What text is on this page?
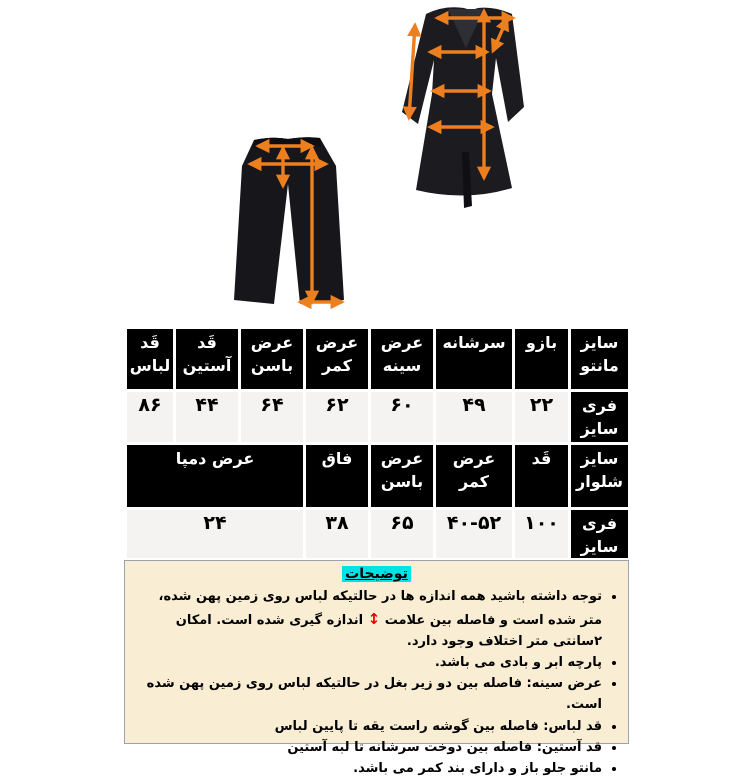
سایز مانتو
بازو
سرشانه
عرض سینه
عرض کمر
عرض باسن
قَد آستین
قَد لباس
فری سایز
۲۲
۴۹
۶۰
۶۲
۶۴
۴۴
۸۶
سایز شلوار
قَد
عرض کمر
عرض باسن
فاق
عرض دمپا
فری سایز
۱۰۰
۴۰-۵۲
۶۵
۳۸
۲۴
توضیحات
• توجه داشته باشید همه اندازه ها در حالتیکه لباس روی زمین پهن شده، متر شده است و فاصله بین علامت ↕ اندازه گیری شده است. امکان ۲سانتی متر اختلاف وجود دارد.
• پارچه ابر و بادی می باشد.
• عرض سینه: فاصله بین دو زیر بغل در حالتیکه لباس روی زمین پهن شده است.
• قد لباس: فاصله بین گوشه راست یقه تا پایین لباس
• قد آستین: فاصله بین دوخت سرشانه تا لبه آستین
• مانتو جلو باز و دارای بند کمر می باشد.
